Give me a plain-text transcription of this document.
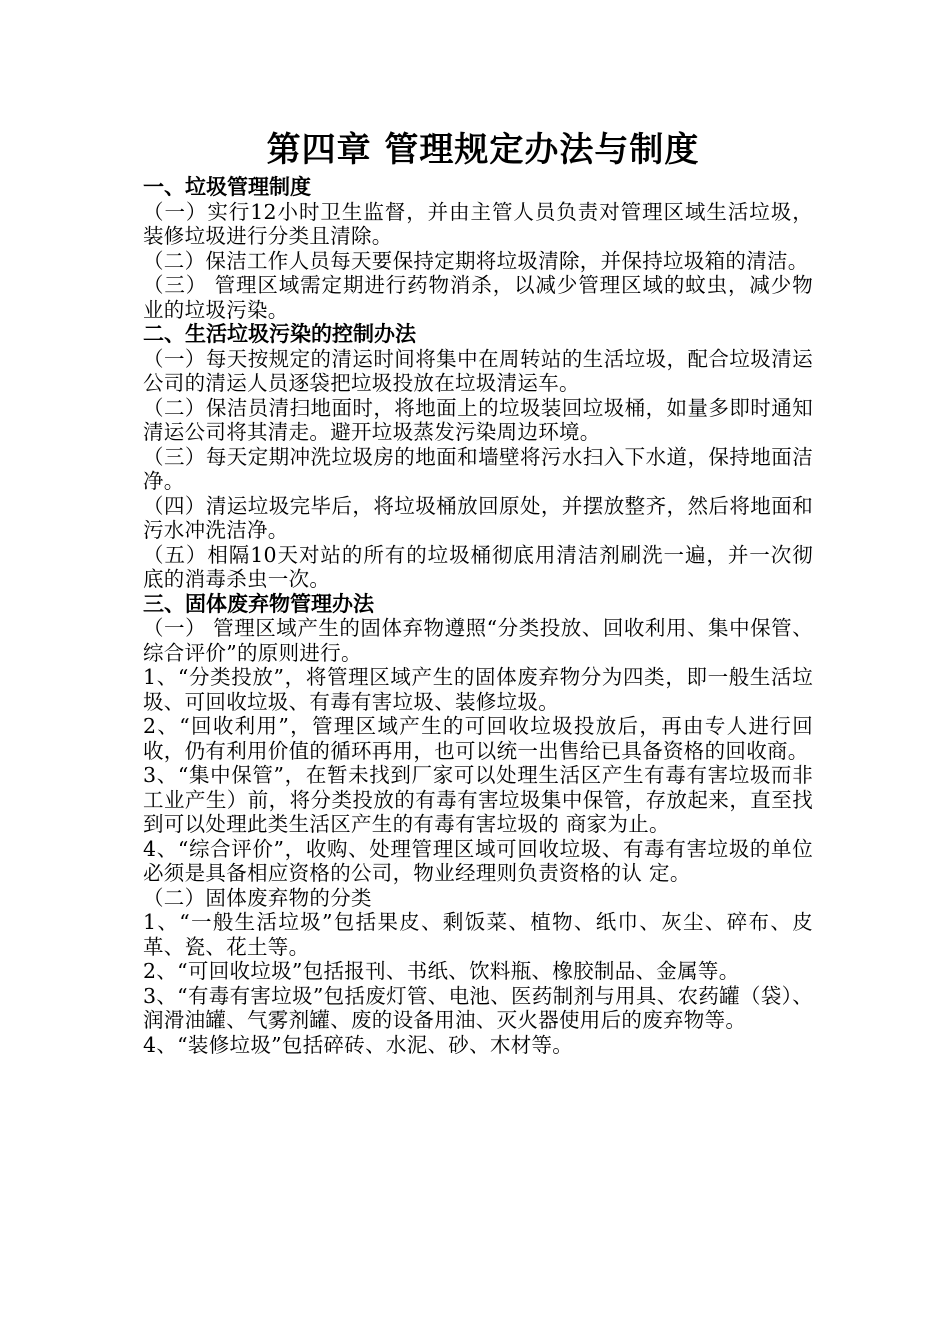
第四章 管理规定办法与制度
一、垃圾管理制度

（一）实行12小时卫生监督，并由主管人员负责对管理区域生活垃圾，装修垃圾进行分类且清除。

（二）保洁工作人员每天要保持定期将垃圾清除，并保持垃圾箱的清洁。

（三） 管理区域需定期进行药物消杀，以减少管理区域的蚊虫，减少物业的垃圾污染。

二、生活垃圾污染的控制办法

（一）每天按规定的清运时间将集中在周转站的生活垃圾，配合垃圾清运公司的清运人员逐袋把垃圾投放在垃圾清运车。

（二）保洁员清扫地面时，将地面上的垃圾装回垃圾桶，如量多即时通知清运公司将其清走。避开垃圾蒸发污染周边环境。

（三）每天定期冲洗垃圾房的地面和墙壁将污水扫入下水道，保持地面洁净。

（四）清运垃圾完毕后，将垃圾桶放回原处，并摆放整齐，然后将地面和污水冲洗洁净。

（五）相隔10天对站的所有的垃圾桶彻底用清洁剂刷洗一遍，并一次彻底的消毒杀虫一次。

三、固体废弃物管理办法

（一） 管理区域产生的固体弃物遵照“分类投放、回收利用、集中保管、综合评价”的原则进行。

1、“分类投放”，将管理区域产生的固体废弃物分为四类，即一般生活垃圾、可回收垃圾、有毒有害垃圾、装修垃圾。

2、“回收利用”，管理区域产生的可回收垃圾投放后，再由专人进行回收，仍有利用价值的循环再用，也可以统一出售给已具备资格的回收商。

3、“集中保管”，在暂未找到厂家可以处理生活区产生有毒有害垃圾而非工业产生）前，将分类投放的有毒有害垃圾集中保管，存放起来，直至找到可以处理此类生活区产生的有毒有害垃圾的 商家为止。

4、“综合评价”，收购、处理管理区域可回收垃圾、有毒有害垃圾的单位必须是具备相应资格的公司，物业经理则负责资格的认 定。

（二）固体废弃物的分类

1、“一般生活垃圾”包括果皮、剩饭菜、植物、纸巾、灰尘、碎布、皮革、瓷、花土等。

2、“可回收垃圾”包括报刊、书纸、饮料瓶、橡胶制品、金属等。

3、“有毒有害垃圾”包括废灯管、电池、医药制剂与用具、农药罐（袋）、润滑油罐、气雾剂罐、废的设备用油、灭火器使用后的废弃物等。

4、“装修垃圾”包括碎砖、水泥、砂、木材等。
